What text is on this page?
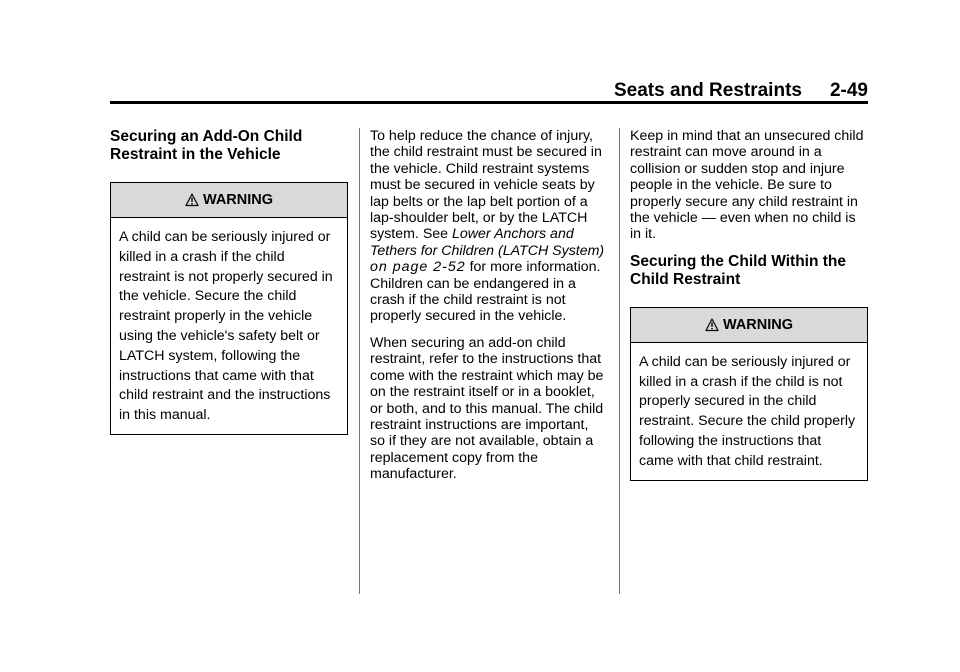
Seats and Restraints 2-49
Securing an Add-On Child Restraint in the Vehicle
WARNING
A child can be seriously injured or killed in a crash if the child restraint is not properly secured in the vehicle. Secure the child restraint properly in the vehicle using the vehicle's safety belt or LATCH system, following the instructions that came with that child restraint and the instructions in this manual.

To help reduce the chance of injury, the child restraint must be secured in the vehicle. Child restraint systems must be secured in vehicle seats by lap belts or the lap belt portion of a lap-shoulder belt, or by the LATCH system. See Lower Anchors and Tethers for Children (LATCH System) on page 2-52 for more information. Children can be endangered in a crash if the child restraint is not properly secured in the vehicle.

When securing an add-on child restraint, refer to the instructions that come with the restraint which may be on the restraint itself or in a booklet, or both, and to this manual. The child restraint instructions are important, so if they are not available, obtain a replacement copy from the manufacturer.

Keep in mind that an unsecured child restraint can move around in a collision or sudden stop and injure people in the vehicle. Be sure to properly secure any child restraint in the vehicle — even when no child is in it.

Securing the Child Within the Child Restraint
WARNING
A child can be seriously injured or killed in a crash if the child is not properly secured in the child restraint. Secure the child properly following the instructions that came with that child restraint.
